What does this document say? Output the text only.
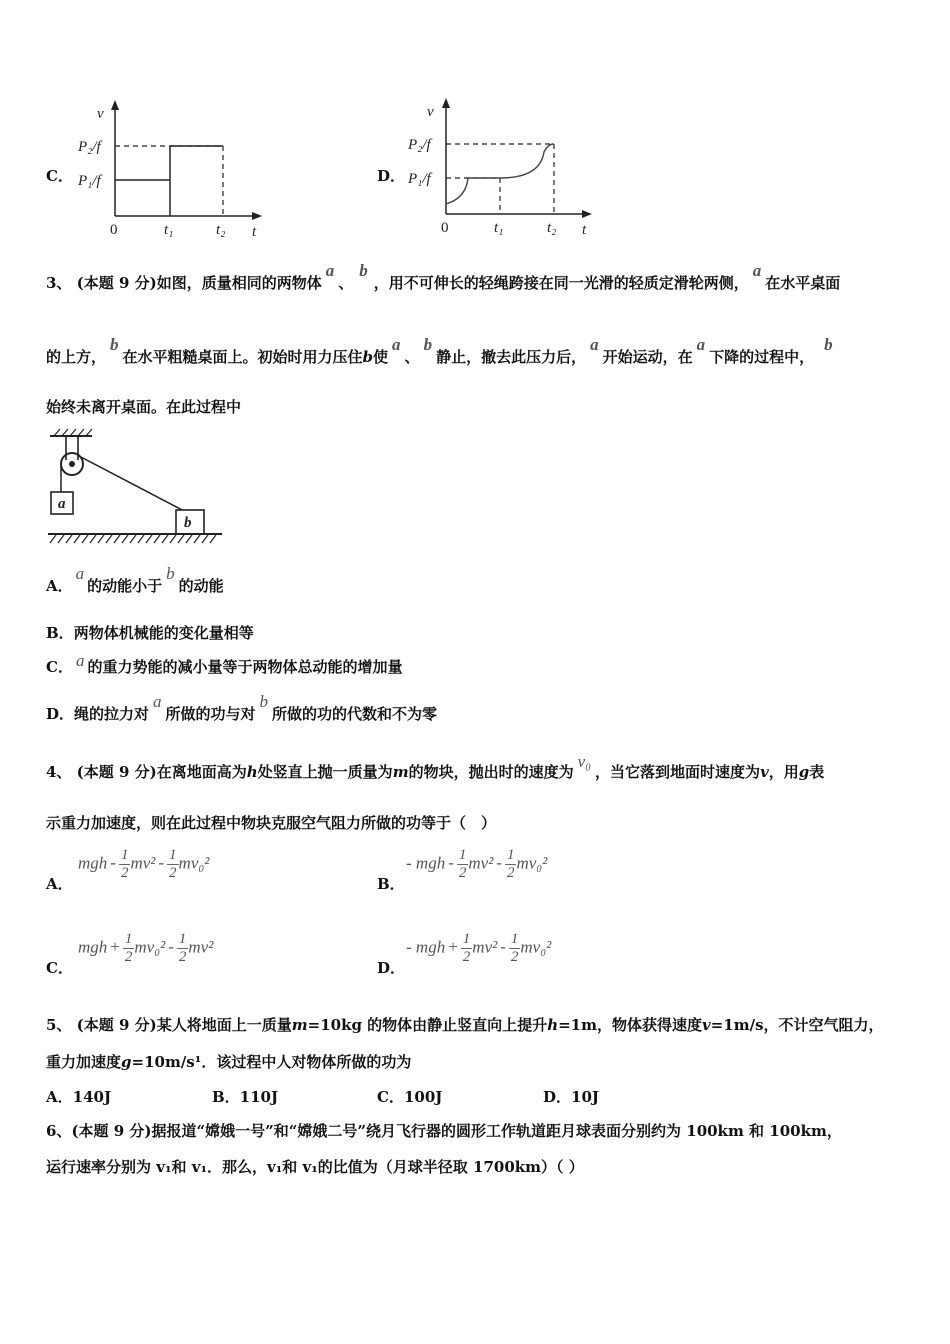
C．
v
P₂/f
P₁/f
0	t₁	t₂ t
D．
v
P₂/f
P₁/f
0	t₁	t₂ t
3、 (本题 9 分)如图，质量相同的两物体a、b，用不可伸长的轻绳跨接在同一光滑的轻质定滑轮两侧，a在水平桌面
的上方，b在水平粗糙桌面上。初始时用力压住b使a、b静止，撤去此压力后，a开始运动，在a下降的过程中，b
始终未离开桌面。在此过程中
a
b
A．a的动能小于b的动能
B．两物体机械能的变化量相等
C． a 的重力势能的减小量等于两物体总动能的增加量
D．绳的拉力对a所做的功与对b所做的功的代数和不为零
4、 (本题 9 分)在离地面高为h处竖直上抛一质量为m的物块，抛出时的速度为v₀，当它落到地面时速度为v，用g表
示重力加速度，则在此过程中物块克服空气阻力所做的功等于（　）
A．
mgh - $\frac{1}{2} mv^2 - \frac{1}{2} mv_0^2$
B．
- mgh - $\frac{1}{2} mv^2 - \frac{1}{2} mv_0^2$
C．
mgh + $\frac{1}{2} mv_0^2 - \frac{1}{2} mv^2$
D．
- mgh + $\frac{1}{2} mv^2 - \frac{1}{2} mv_0^2$
5、 (本题 9 分)某人将地面上一质量m=10kg 的物体由静止竖直向上提升h=1m，物体获得速度v=1m/s，不计空气阻力，
重力加速度g=10m/s¹．该过程中人对物体所做的功为
A．140J	B．110J	C．100J	D．10J
6、(本题 9 分)据报道“嫦娥一号”和“嫦娥二号”绕月飞行器的圆形工作轨道距月球表面分别约为 100km 和 100km，
运行速率分别为 v₁和 v₁．那么，v₁和 v₁的比值为（月球半径取 1700km）（ ）
